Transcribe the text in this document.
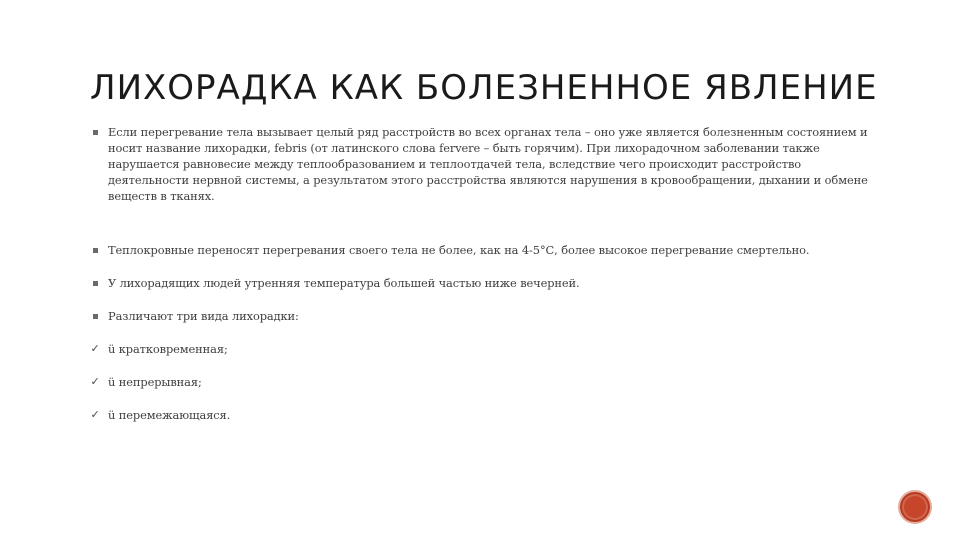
ЛИХОРАДКА КАК БОЛЕЗНЕННОЕ ЯВЛЕНИЕ
Если перегревание тела вызывает целый ряд расстройств во всех органах тела – оно уже является болезненным состоянием и носит название лихорадки, febris (от латинского слова fervere – быть горячим). При лихорадочном заболевании также нарушается равновесие между теплообразованием и теплоотдачей тела, вследствие чего происходит расстройство деятельности нервной системы, а результатом этого расстройства являются нарушения в кровообращении, дыхании и обмене веществ в тканях.
Теплокровные переносят перегревания своего тела не более, как на 4-5°С, более высокое перегревание смертельно.
У лихорадящих людей утренняя температура большей частью ниже вечерней.
Различают три вида лихорадки:
✓ ü кратковременная;
✓ ü непрерывная;
✓ ü перемежающаяся.
